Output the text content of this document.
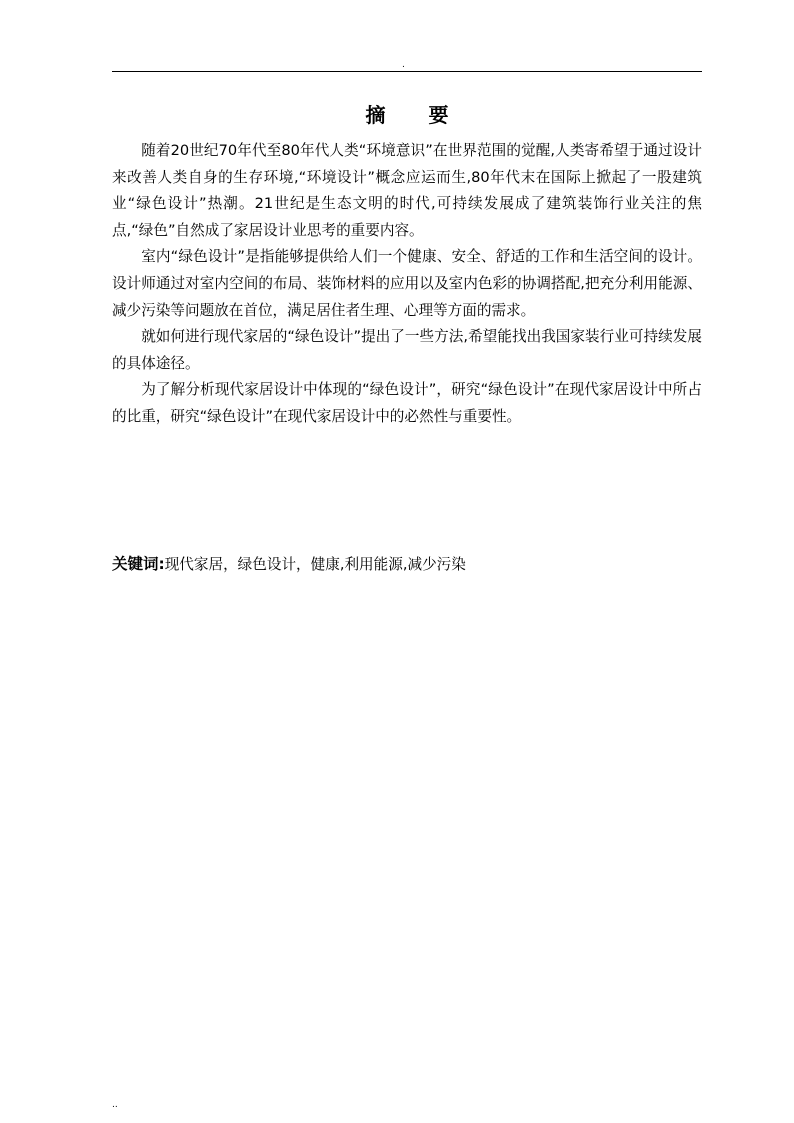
.
摘 要

随着20世纪70年代至80年代人类“环境意识”在世界范围的觉醒,人类寄希望于通过设计来改善人类自身的生存环境,“环境设计”概念应运而生,80年代末在国际上掀起了一股建筑业“绿色设计”热潮。21世纪是生态文明的时代,可持续发展成了建筑装饰行业关注的焦点,“绿色”自然成了家居设计业思考的重要内容。

室内“绿色设计”是指能够提供给人们一个健康、安全、舒适的工作和生活空间的设计。设计师通过对室内空间的布局、装饰材料的应用以及室内色彩的协调搭配,把充分利用能源、减少污染等问题放在首位，满足居住者生理、心理等方面的需求。

就如何进行现代家居的“绿色设计”提出了一些方法,希望能找出我国家装行业可持续发展的具体途径。

为了解分析现代家居设计中体现的“绿色设计”，研究“绿色设计”在现代家居设计中所占的比重，研究“绿色设计”在现代家居设计中的必然性与重要性。

关键词:现代家居，绿色设计，健康,利用能源,减少污染
..
